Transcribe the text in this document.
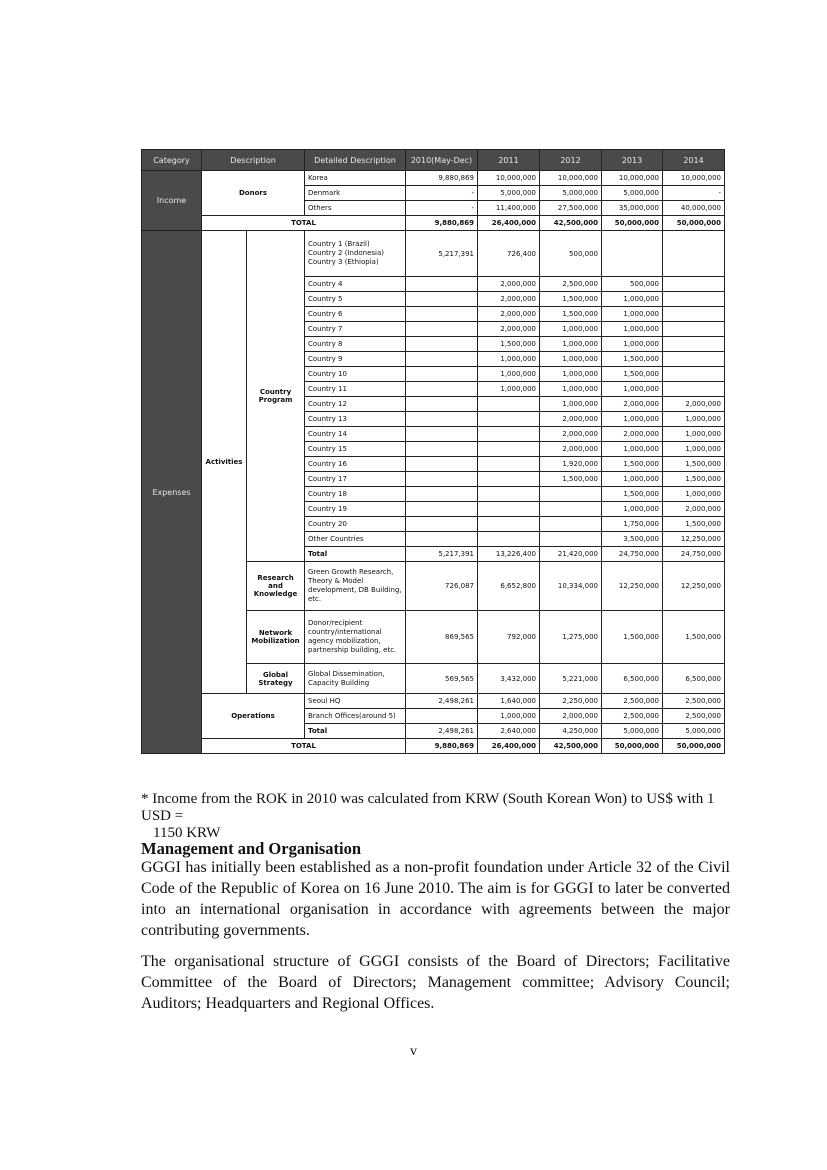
Category	Description		Detailed Description	2010(May-Dec)	2011	2012	2013	2014
Income	Donors		Korea	9,880,869	10,000,000	10,000,000	10,000,000	10,000,000
			Denmark	-	5,000,000	5,000,000	5,000,000	-
			Others	-	11,400,000	27,500,000	35,000,000	40,000,000
	TOTAL			9,880,869	26,400,000	42,500,000	50,000,000	50,000,000
Expenses	Activities	Country Program	Country 1 (Brazil)
Country 2 (Indonesia)
Country 3 (Ethiopia)	5,217,391	726,400	500,000		
			Country 4		2,000,000	2,500,000	500,000	
			Country 5		2,000,000	1,500,000	1,000,000	
			Country 6		2,000,000	1,500,000	1,000,000	
			Country 7		2,000,000	1,000,000	1,000,000	
			Country 8		1,500,000	1,000,000	1,000,000	
			Country 9		1,000,000	1,000,000	1,500,000	
			Country 10		1,000,000	1,000,000	1,500,000	
			Country 11		1,000,000	1,000,000	1,000,000	
			Country 12			1,000,000	2,000,000	2,000,000
			Country 13			2,000,000	1,000,000	1,000,000
			Country 14			2,000,000	2,000,000	1,000,000
			Country 15			2,000,000	1,000,000	1,000,000
			Country 16			1,920,000	1,500,000	1,500,000
			Country 17			1,500,000	1,000,000	1,500,000
			Country 18				1,500,000	1,000,000
			Country 19				1,000,000	2,000,000
			Country 20				1,750,000	1,500,000
			Other Countries				3,500,000	12,250,000
			Total	5,217,391	13,226,400	21,420,000	24,750,000	24,750,000
		Research and Knowledge	Green Growth Research, Theory & Model development, DB Building, etc.	726,087	6,652,800	10,334,000	12,250,000	12,250,000
		Network Mobilization	Donor/recipient country/international agency mobilization, partnership building, etc.	869,565	792,000	1,275,000	1,500,000	1,500,000
		Global Strategy	Global Dissemination, Capacity Building	569,565	3,432,000	5,221,000	6,500,000	6,500,000
	Operations		Seoul HQ	2,498,261	1,640,000	2,250,000	2,500,000	2,500,000
			Branch Offices(around 5)		1,000,000	2,000,000	2,500,000	2,500,000
			Total	2,498,261	2,640,000	4,250,000	5,000,000	5,000,000
	TOTAL			9,880,869	26,400,000	42,500,000	50,000,000	50,000,000
* Income from the ROK in 2010 was calculated from KRW (South Korean Won) to US$ with 1 USD =
1150 KRW
Management and Organisation

GGGI has initially been established as a non-profit foundation under Article 32 of the Civil Code of the Republic of Korea on 16 June 2010. The aim is for GGGI to later be converted into an international organisation in accordance with agreements between the major contributing governments.

The organisational structure of GGGI consists of the Board of Directors; Facilitative Committee of the Board of Directors; Management committee; Advisory Council; Auditors; Headquarters and Regional Offices.

v
